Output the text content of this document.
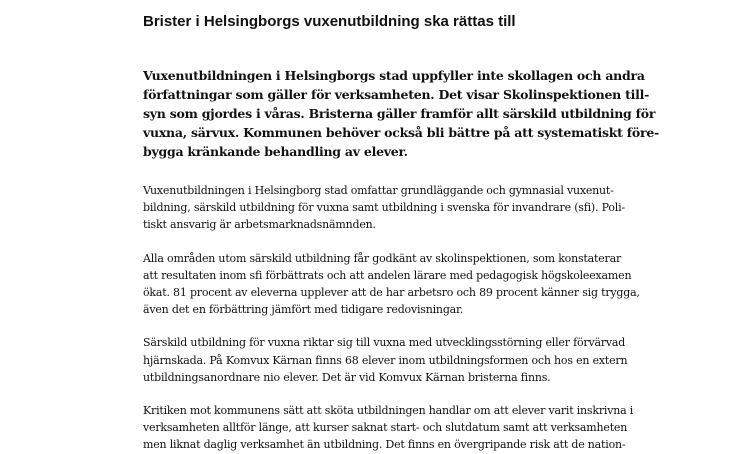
Brister i Helsingborgs vuxenutbildning ska rättas till

Vuxenutbildningen i Helsingborgs stad uppfyller inte skollagen och andra
författningar som gäller för verksamheten. Det visar Skolinspektionen till-
syn som gjordes i våras. Bristerna gäller framför allt särskild utbildning för
vuxna, särvux. Kommunen behöver också bli bättre på att systematiskt före-
bygga kränkande behandling av elever.

Vuxenutbildningen i Helsingborg stad omfattar grundläggande och gymnasial vuxenut-
bildning, särskild utbildning för vuxna samt utbildning i svenska för invandrare (sfi). Poli-
tiskt ansvarig är arbetsmarknadsnämnden.

Alla områden utom särskild utbildning får godkänt av skolinspektionen, som konstaterar
att resultaten inom sfi förbättrats och att andelen lärare med pedagogisk högskoleexamen
ökat. 81 procent av eleverna upplever att de har arbetsro och 89 procent känner sig trygga,
även det en förbättring jämfört med tidigare redovisningar.

Särskild utbildning för vuxna riktar sig till vuxna med utvecklingsstörning eller förvärvad
hjärnskada. På Komvux Kärnan finns 68 elever inom utbildningsformen och hos en extern
utbildningsanordnare nio elever. Det är vid Komvux Kärnan bristerna finns.

Kritiken mot kommunens sätt att sköta utbildningen handlar om att elever varit inskrivna i
verksamheten alltför länge, att kurser saknat start- och slutdatum samt att verksamheten
men liknat daglig verksamhet än utbildning. Det finns en övergripande risk att de nation-
